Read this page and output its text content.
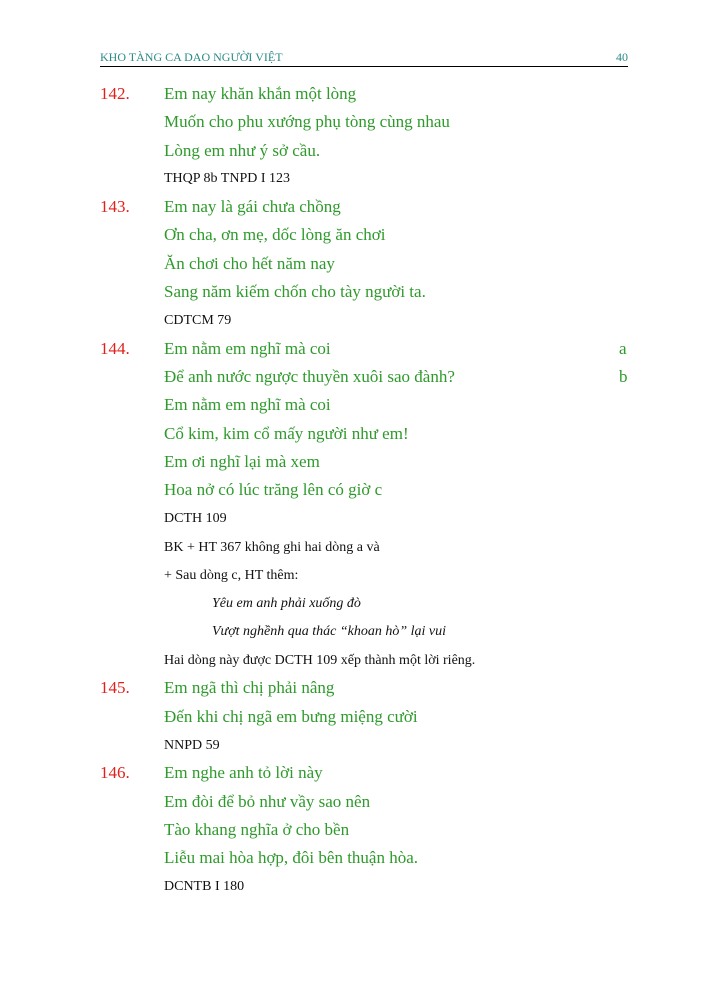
KHO TÀNG CA DAO NGƯỜI VIỆT	40
142. Em nay khăn khắn một lòng
Muốn cho phu xướng phụ tòng cùng nhau
Lòng em như ý sở cầu.
THQP 8b TNPD I 123
143. Em nay là gái chưa chồng
Ơn cha, ơn mẹ, dốc lòng ăn chơi
Ăn chơi cho hết năm nay
Sang năm kiếm chốn cho tày người ta.
CDTCM 79
144. Em nằm em nghĩ mà coi	a
Để anh nước ngược thuyền xuôi sao đành?	b
Em nằm em nghĩ mà coi
Cổ kim, kim cổ mấy người như em!
Em ơi nghĩ lại mà xem
Hoa nở có lúc trăng lên có giờ c
DCTH 109
BK + HT 367 không ghi hai dòng a và
+ Sau dòng c, HT thêm:
Yêu em anh phải xuống đò
Vượt nghềnh qua thác “khoan hò” lại vui
Hai dòng này được DCTH 109 xếp thành một lời riêng.
145. Em ngã thì chị phải nâng
Đến khi chị ngã em bưng miệng cười
NNPD 59
146. Em nghe anh tỏ lời này
Em đòi để bỏ như vầy sao nên
Tào khang nghĩa ở cho bền
Liễu mai hòa hợp, đôi bên thuận hòa.
DCNTB I 180
